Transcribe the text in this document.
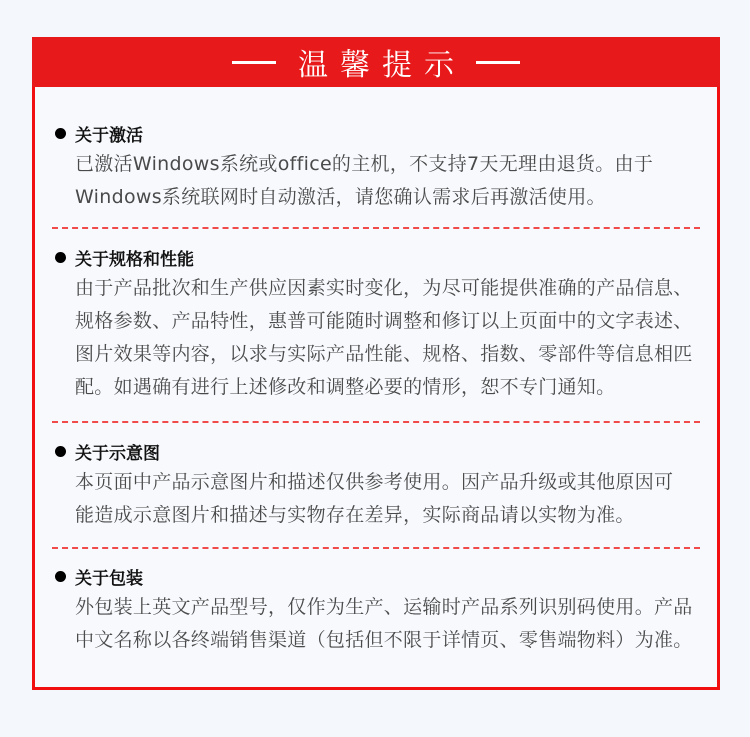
温馨提示
关于激活
已激活Windows系统或office的主机，不支持7天无理由退货。由于
Windows系统联网时自动激活，请您确认需求后再激活使用。
关于规格和性能
由于产品批次和生产供应因素实时变化，为尽可能提供准确的产品信息、
规格参数、产品特性，惠普可能随时调整和修订以上页面中的文字表述、
图片效果等内容，以求与实际产品性能、规格、指数、零部件等信息相匹
配。如遇确有进行上述修改和调整必要的情形，恕不专门通知。
关于示意图
本页面中产品示意图片和描述仅供参考使用。因产品升级或其他原因可
能造成示意图片和描述与实物存在差异，实际商品请以实物为准。
关于包装
外包装上英文产品型号，仅作为生产、运输时产品系列识别码使用。产品
中文名称以各终端销售渠道（包括但不限于详情页、零售端物料）为准。
